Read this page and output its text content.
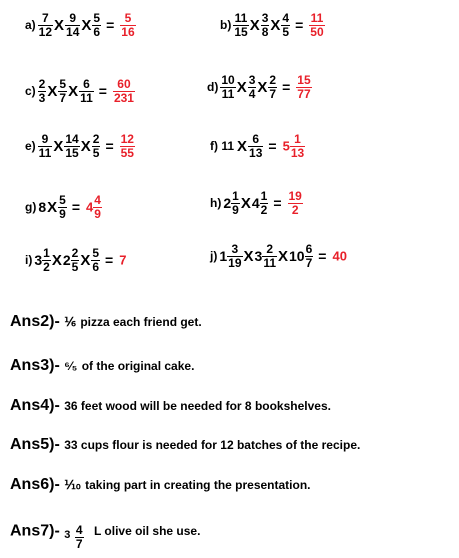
$a) \frac{7}{12}$ X $\frac{9}{14}$ X $\frac{5}{6} = \frac{5}{16}$	$b) \frac{11}{15}$ X $\frac{3}{8}$ X $\frac{4}{5} = \frac{11}{50}$
$c) \frac{2}{3}$ X $\frac{5}{7}$ X $\frac{6}{11} = \frac{60}{231}$	$d) \frac{10}{11}$ X $\frac{3}{4}$ X $\frac{2}{7} = \frac{15}{77}$
$e) \frac{9}{11}$ X $\frac{14}{15}$ X $\frac{2}{5} = \frac{12}{55}$	f) 11 X $\frac{6}{13} = 5 \frac{1}{13}$
g) $8X \frac{5}{9} = 4 \frac{4}{9}$	h) $2 \frac{1}{9} X4 \frac{1}{2} = \frac{19}{2}$
i) $3 \frac{1}{2} X2 \frac{2}{5}$ X $\frac{5}{6} = 7$	j) $1 \frac{3}{19} X3 \frac{2}{11} X10 \frac{6}{7} = 40$
Ans2)- ⅙ pizza each friend get.
Ans3)- ⁶⁄₅ of the original cake.
Ans4)- 36 feet wood will be needed for 8 bookshelves.
Ans5)- 33 cups flour is needed for 12 batches of the recipe.
Ans6)- ⅒ taking part in creating the presentation.
Ans7)- $_3 \frac{4}{7}$ L olive oil she use.
